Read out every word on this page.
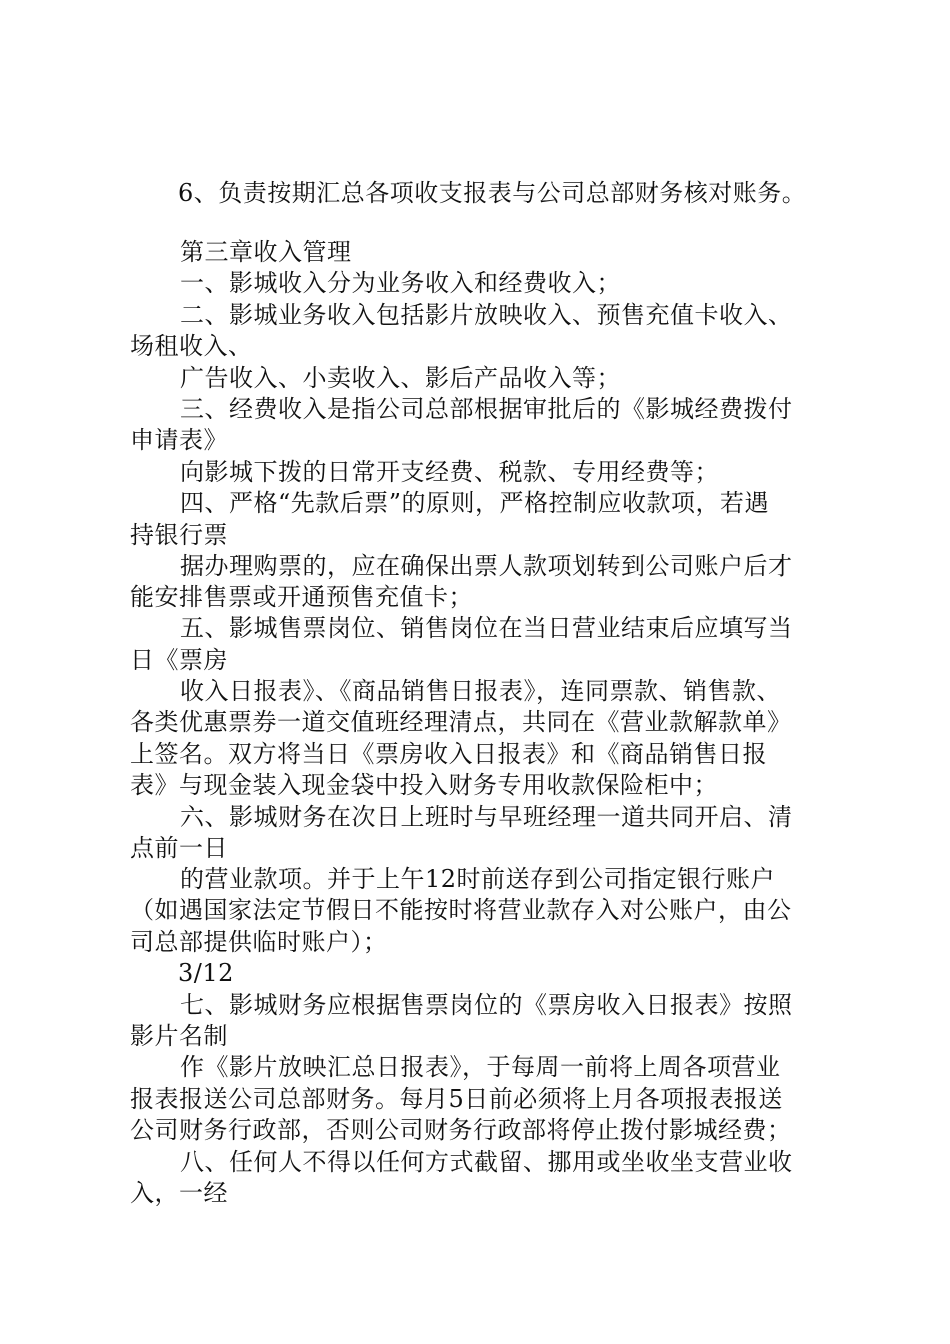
6、负责按期汇总各项收支报表与公司总部财务核对账务。
第三章收入管理
一、影城收入分为业务收入和经费收入；
二、影城业务收入包括影片放映收入、预售充值卡收入、
场租收入、
广告收入、小卖收入、影后产品收入等；
三、经费收入是指公司总部根据审批后的《影城经费拨付
申请表》
向影城下拨的日常开支经费、税款、专用经费等；
四、严格“先款后票”的原则，严格控制应收款项，若遇
持银行票
据办理购票的，应在确保出票人款项划转到公司账户后才
能安排售票或开通预售充值卡；
五、影城售票岗位、销售岗位在当日营业结束后应填写当
日《票房
收入日报表》、《商品销售日报表》，连同票款、销售款、
各类优惠票券一道交值班经理清点，共同在《营业款解款单》
上签名。双方将当日《票房收入日报表》和《商品销售日报
表》与现金装入现金袋中投入财务专用收款保险柜中；
六、影城财务在次日上班时与早班经理一道共同开启、清
点前一日
的营业款项。并于上午12时前送存到公司指定银行账户
（如遇国家法定节假日不能按时将营业款存入对公账户，由公
司总部提供临时账户）；
3/12
七、影城财务应根据售票岗位的《票房收入日报表》按照
影片名制
作《影片放映汇总日报表》，于每周一前将上周各项营业
报表报送公司总部财务。每月5日前必须将上月各项报表报送
公司财务行政部，否则公司财务行政部将停止拨付影城经费；
八、任何人不得以任何方式截留、挪用或坐收坐支营业收
入，一经
